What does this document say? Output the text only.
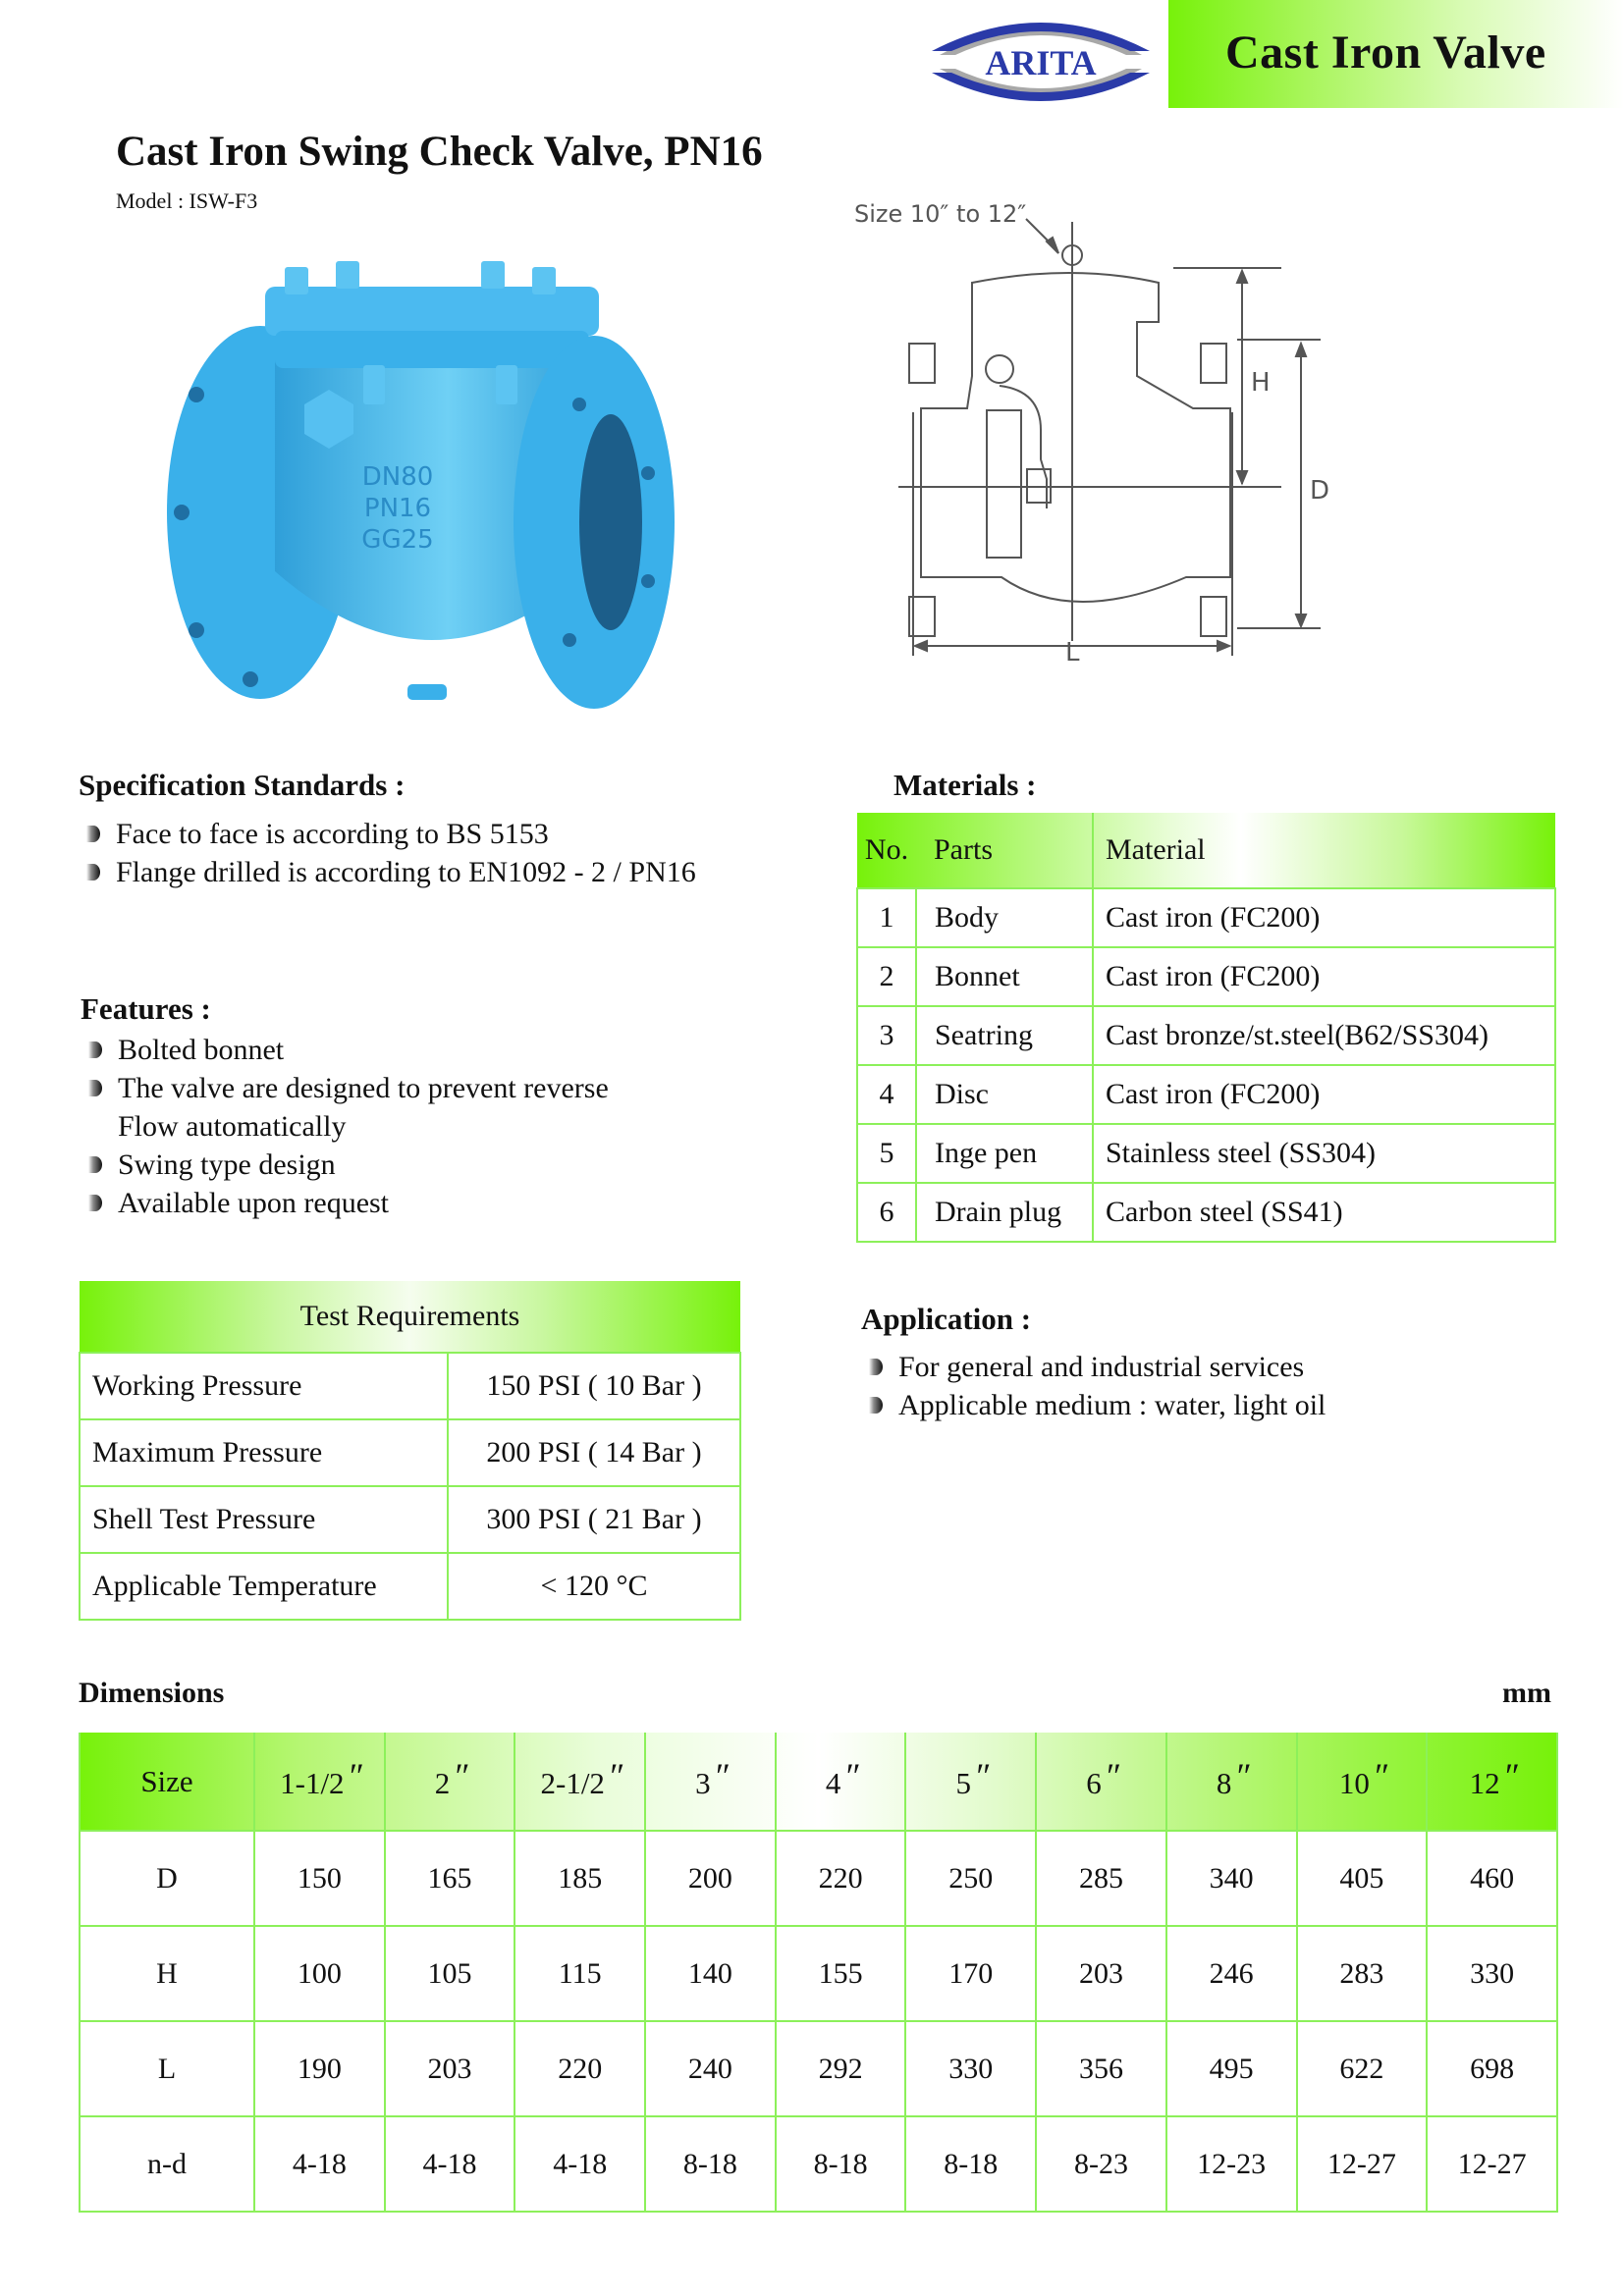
ARITA	Cast Iron Valve
Cast Iron Swing Check Valve, PN16
Model : ISW-F3
DN80
PN16
GG25
Size 10″ to 12″
H
D
L
Specification Standards :
Face to face is according to BS 5153
Flange drilled is according to EN1092 - 2 / PN16
Features :
Bolted bonnet
The valve are designed to prevent reverse
Flow automatically
Swing type design
Available upon request
Materials :
No.	Parts	Material
1	Body	Cast iron (FC200)
2	Bonnet	Cast iron (FC200)
3	Seatring	Cast bronze/st.steel(B62/SS304)
4	Disc	Cast iron (FC200)
5	Inge pen	Stainless steel (SS304)
6	Drain plug	Carbon steel (SS41)
Test Requirements	
Working Pressure	150 PSI ( 10 Bar )
Maximum Pressure	200 PSI ( 14 Bar )
Shell Test Pressure	300 PSI ( 21 Bar )
Applicable Temperature	< 120 °C
Application :
For general and industrial services
Applicable medium : water, light oil
Dimensions	mm
Size	1-1/2″	2″	2-1/2″	3″	4″	5″	6″	8″	10″	12″
D	150	165	185	200	220	250	285	340	405	460
H	100	105	115	140	155	170	203	246	283	330
L	190	203	220	240	292	330	356	495	622	698
n-d	4-18	4-18	4-18	8-18	8-18	8-18	8-23	12-23	12-27	12-27
